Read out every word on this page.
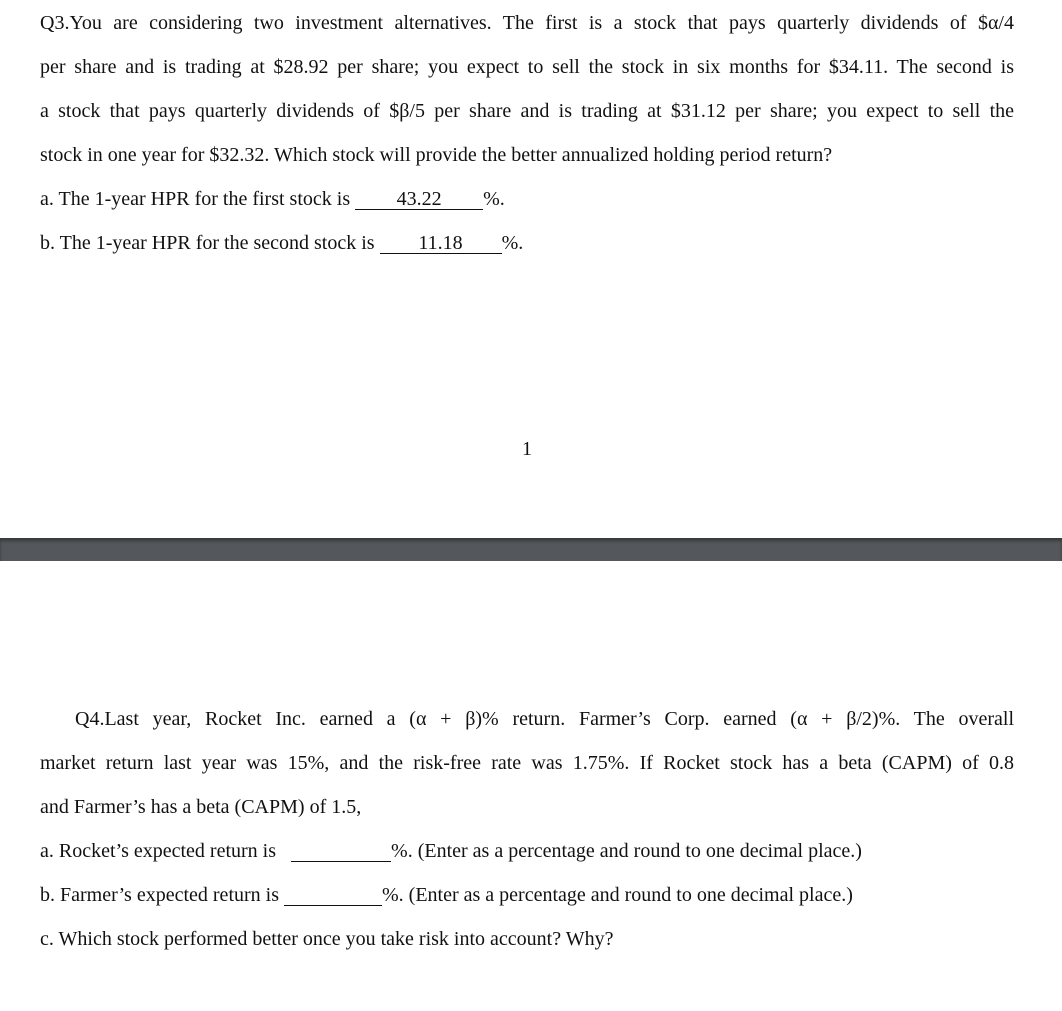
Q3.You are considering two investment alternatives. The first is a stock that pays quarterly dividends of $α/4
per share and is trading at $28.92 per share; you expect to sell the stock in six months for $34.11. The second is
a stock that pays quarterly dividends of $β/5 per share and is trading at $31.12 per share; you expect to sell the
stock in one year for $32.32. Which stock will provide the better annualized holding period return?
a. The 1-year HPR for the first stock is 43.22 %.
b. The 1-year HPR for the second stock is 11.18 %.
1
Q4.Last year, Rocket Inc. earned a (α + β)% return. Farmer’s Corp. earned (α + β/2)%. The overall
market return last year was 15%, and the risk-free rate was 1.75%. If Rocket stock has a beta (CAPM) of 0.8
and Farmer’s has a beta (CAPM) of 1.5,
a. Rocket’s expected return is	%. (Enter as a percentage and round to one decimal place.)
b. Farmer’s expected return is	%. (Enter as a percentage and round to one decimal place.)
c. Which stock performed better once you take risk into account? Why?
